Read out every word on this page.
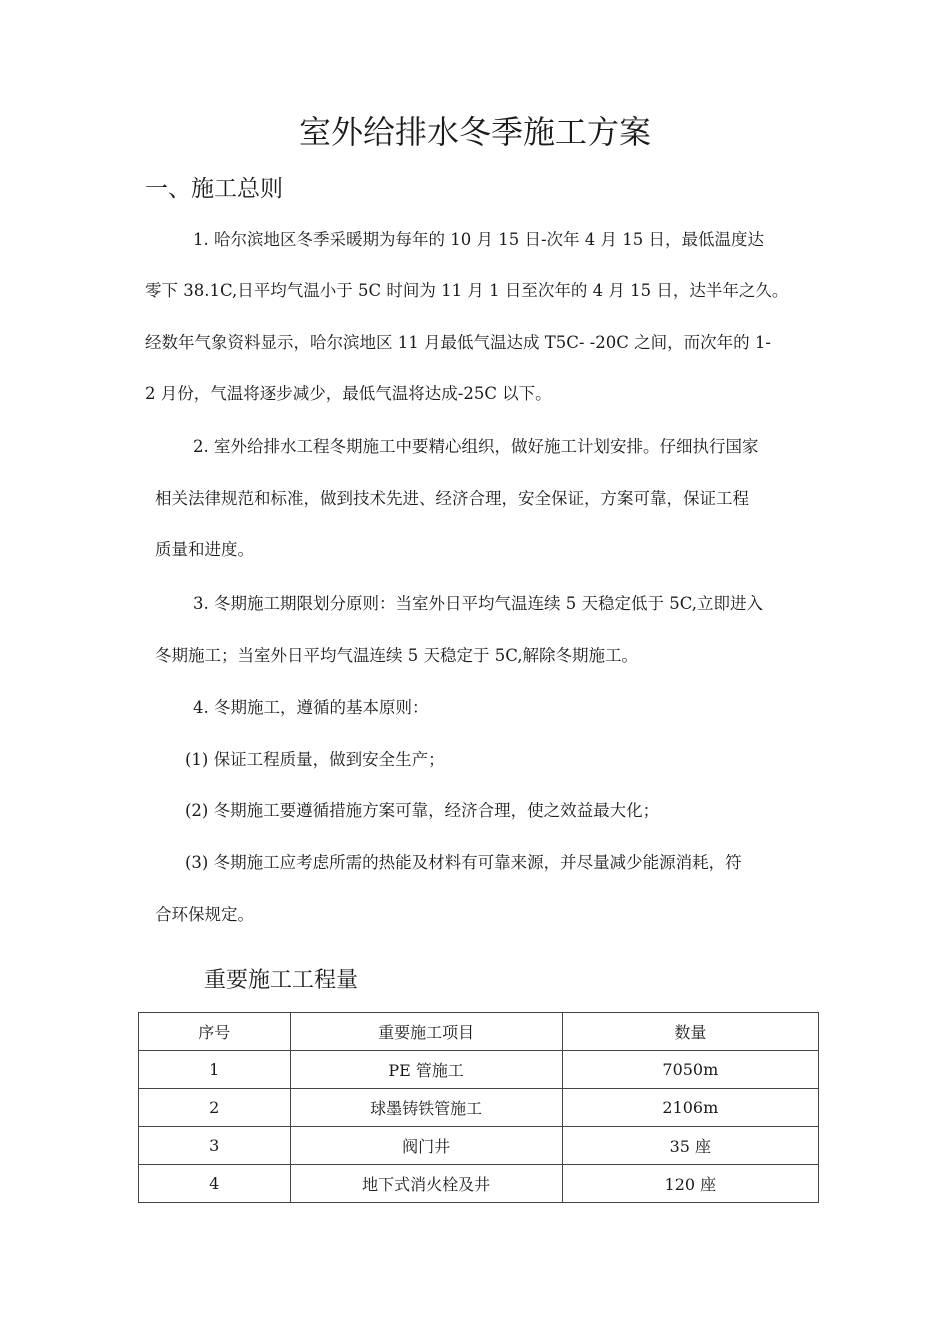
室外给排水冬季施工方案
一、施工总则
1. 哈尔滨地区冬季采暖期为每年的 10 月 15 日-次年 4 月 15 日，最低温度达
零下 38.1C,日平均气温小于 5C 时间为 11 月 1 日至次年的 4 月 15 日，达半年之久。
经数年气象资料显示，哈尔滨地区 11 月最低气温达成 T5C- -20C 之间，而次年的 1-
2 月份，气温将逐步减少，最低气温将达成-25C 以下。
2. 室外给排水工程冬期施工中要精心组织，做好施工计划安排。仔细执行国家
相关法律规范和标准，做到技术先进、经济合理，安全保证，方案可靠，保证工程
质量和进度。
3. 冬期施工期限划分原则：当室外日平均气温连续 5 天稳定低于 5C,立即进入
冬期施工；当室外日平均气温连续 5 天稳定于 5C,解除冬期施工。
4. 冬期施工，遵循的基本原则：
(1) 保证工程质量，做到安全生产；
(2) 冬期施工要遵循措施方案可靠，经济合理，使之效益最大化；
(3) 冬期施工应考虑所需的热能及材料有可靠来源，并尽量减少能源消耗，符
合环保规定。
重要施工工程量
序号	重要施工项目	数量
1	PE 管施工	7050m
2	球墨铸铁管施工	2106m
3	阀门井	35 座
4	地下式消火栓及井	120 座
